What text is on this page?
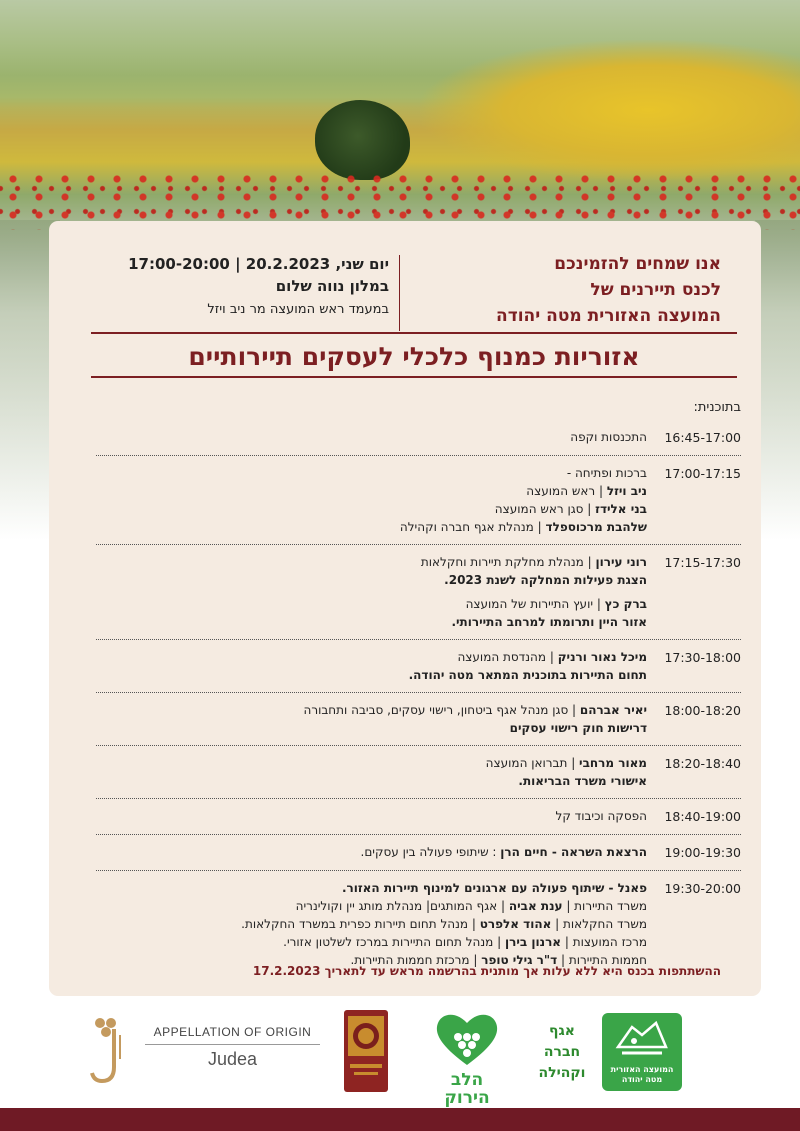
אנו שמחים להזמינכם
לכנס תיירנים של
המועצה האזורית מטה יהודה
יום שני, 20.2.2023 | 17:00-20:00
במלון נווה שלום
במעמד ראש המועצה מר ניב ויזל
אזוריות כמנוף כלכלי לעסקים תיירותיים
בתוכנית:
16:45-17:00
התכנסות וקפה
17:00-17:15
ברכות ופתיחה -
ניב ויזל | ראש המועצה
בני אלידז | סגן ראש המועצה
שלהבת מרכוספלד | מנהלת אגף חברה וקהילה
17:15-17:30
רוני עירון | מנהלת מחלקת תיירות וחקלאות
הצגת פעילות המחלקה לשנת 2023.
ברק כץ | יועץ התיירות של המועצה
אזור היין ותרומתו למרחב התיירותי.
17:30-18:00
מיכל נאור ורניק | מהנדסת המועצה
תחום התיירות בתוכנית המתאר מטה יהודה.
18:00-18:20
יאיר אברהם | סגן מנהל אגף ביטחון, רישוי עסקים, סביבה ותחבורה
דרישות חוק רישוי עסקים
18:20-18:40
מאור מרחבי | תברואן המועצה
אישורי משרד הבריאות.
18:40-19:00
הפסקה וכיבוד קל
19:00-19:30
הרצאת השראה - חיים הרן : שיתופי פעולה בין עסקים.
19:30-20:00
פאנל - שיתוף פעולה עם ארגונים למינוף תיירות האזור.
משרד התיירות | ענת אביה | אגף המותגים| מנהלת מותג יין וקולינריה
משרד החקלאות | אהוד אלפרט | מנהל תחום תיירות כפרית במשרד החקלאות.
מרכז המועצות | ארנון בירן | מנהל תחום התיירות במרכז לשלטון אזורי.
חממות התיירות | ד"ר גילי טופר | מרכזת חממות התיירות.
ההשתתפות בכנס היא ללא עלות אך מותנית בהרשמה מראש עד לתאריך 17.2.2023
APPELLATION OF ORIGIN
Judea
הלב הירוק
אגף
חברה
וקהילה	המועצה האזורית
מטה יהודה
